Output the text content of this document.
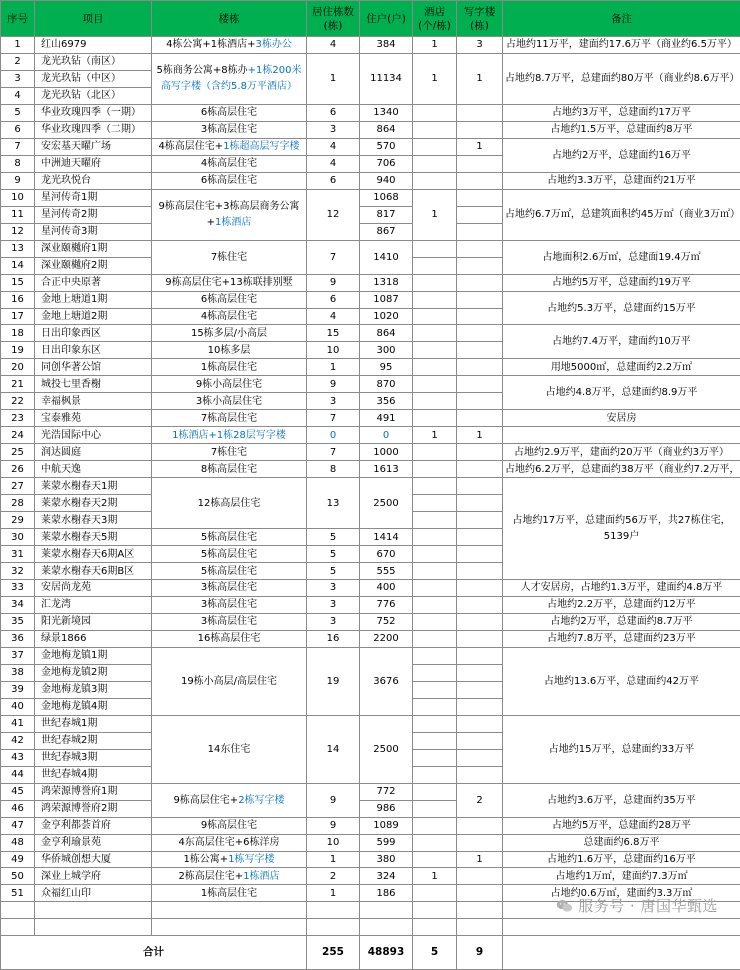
序号	项目	楼栋	居住栋数(栋)	住户(户)	酒店(个/栋)	写字楼(栋)	备注
1	红山6979	4栋公寓+1栋酒店+3栋办公	4	384	1	3	占地约11万平，建面约17.6万平（商业约6.5万平）
2	龙光玖钻（南区）	5栋商务公寓+8栋办+1栋200米高写字楼（含约5.8万平酒店）	1	11134	1	1	占地约8.7万平，总建面约80万平（商业约8.6万平）
3	龙光玖钻（中区）						
4	龙光玖钻（北区）						
5	华业玫瑰四季（一期）	6栋高层住宅	6	1340			占地约3万平，总建面约17万平
6	华业玫瑰四季（二期）	3栋高层住宅	3	864			占地约1.5万平，总建面约8万平
7	安宏基天曜广场	4栋高层住宅+1栋超高层写字楼	4	570		1	占地约2万平，总建面约16万平
8	中洲迪天曜府	4栋高层住宅	4	706			
9	龙光玖悦台	6栋高层住宅	6	940			占地约3.3万平，总建面约21万平
10	星河传奇1期	9栋高层住宅+3栋高层商务公寓+1栋酒店	12	1068	1		占地约6.7万㎡，总建筑面积约45万㎡（商业3万㎡）
11	星河传奇2期			817			
12	星河传奇3期			867			
13	深业颐樾府1期	7栋住宅	7	1410			占地面积2.6万㎡，总建面19.4万㎡
14	深业颐樾府2期						
15	合正中央原著	9栋高层住宅+13栋联排别墅	9	1318			占地约5万平，总建面约19万平
16	金地上塘道1期	6栋高层住宅	6	1087			占地约5.3万平，总建面约15万平
17	金地上塘道2期	4栋高层住宅	4	1020			
18	日出印象西区	15栋多层/小高层	15	864			占地约7.4万平，建面约10万平
19	日出印象东区	10栋多层	10	300			
20	同创华著公馆	1栋高层住宅	1	95			用地5000㎡，总建面约2.2万㎡
21	城投七里香榭	9栋小高层住宅	9	870			占地约4.8万平，总建面约8.9万平
22	幸福枫景	3栋小高层住宅	3	356			
23	宝泰雅苑	7栋高层住宅	7	491			安居房
24	光浩国际中心	1栋酒店+1栋28层写字楼	0	0	1	1	
25	润达圆庭	7栋住宅	7	1000			占地约2.9万平，建面约20万平（商业约3万平）
26	中航天逸	8栋高层住宅	8	1613			占地约6.2万平，总建面约38万平（商业约7.2万平，
27	莱蒙水榭春天1期	12栋高层住宅	13	2500			占地约17万平，总建面约56万平，共27栋住宅，5139户
28	莱蒙水榭春天2期						
29	莱蒙水榭春天3期						
30	莱蒙水榭春天5期	5栋高层住宅	5	1414			
31	莱蒙水榭春天6期A区	5栋高层住宅	5	670			
32	莱蒙水榭春天6期B区	5栋高层住宅	5	555			
33	安居尚龙苑	3栋高层住宅	3	400			人才安居房，占地约1.3万平，建面约4.8万平
34	汇龙湾	3栋高层住宅	3	776			占地约2.2万平，总建面约12万平
35	阳光新境园	3栋高层住宅	3	752			占地约2万平，总建面约8.7万平
36	绿景1866	16栋高层住宅	16	2200			占地约7.8万平，总建面约23万平
37	金地梅龙镇1期	19栋小高层/高层住宅	19	3676			占地约13.6万平，总建面约42万平
38	金地梅龙镇2期						
39	金地梅龙镇3期						
40	金地梅龙镇4期						
41	世纪春城1期	14东住宅	14	2500			占地约15万平，总建面约33万平
42	世纪春城2期						
43	世纪春城3期						
44	世纪春城4期						
45	鸿荣源博誉府1期	9栋高层住宅+2栋写字楼	9	772		2	占地约3.6万平，总建面约35万平
46	鸿荣源博誉府2期			986			
47	金亨利都荟首府	9栋高层住宅	9	1089			占地约5万平，总建面约28万平
48	金亨利瑜景苑	4东高层住宅+6栋洋房	10	599			总建面约6.8万平
49	华侨城创想大厦	1栋公寓+1栋写字楼	1	380		1	占地约1.6万平，总建面约16万平
50	深业上城学府	2栋高层住宅+1栋酒店	2	324	1		占地约1万㎡，建面约7.3万㎡
51	众福红山印	1栋高层住宅	1	186			占地约0.6万㎡，建面约3.3万㎡

合计			255	48893	5	9	
服务号 · 唐国华甄选
